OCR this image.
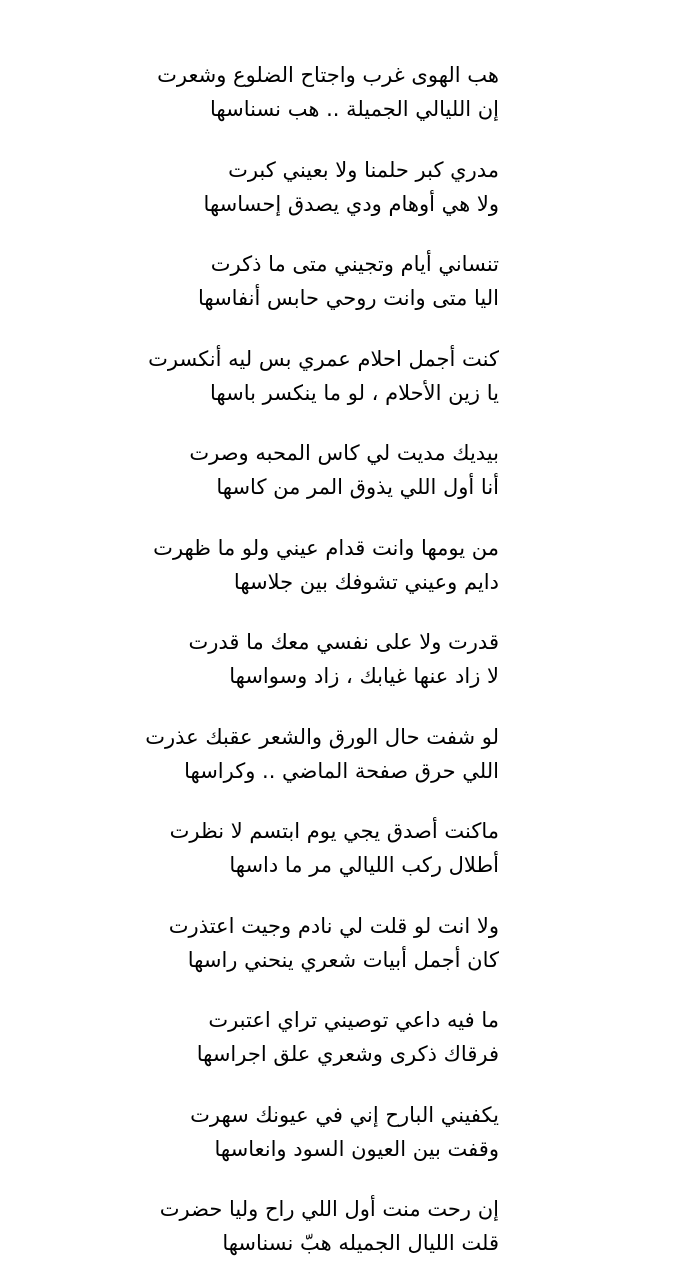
هب الهوى غرب واجتاح الضلوع وشعرت
إن الليالي الجميلة .. هب نسناسها
مدري كبر حلمنا ولا بعيني كبرت
ولا هي أوهام ودي يصدق إحساسها
تنساني أيام وتجيني متى ما ذكرت
اليا متى وانت روحي حابس أنفاسها
كنت أجمل احلام عمري بس ليه أنكسرت
يا زين الأحلام ، لو ما ينكسر باسها
بيديك مديت لي كاس المحبه وصرت
أنا أول اللي يذوق المر من كاسها
من يومها وانت قدام عيني ولو ما ظهرت
دايم وعيني تشوفك بين جلاسها
قدرت ولا على نفسي معك ما قدرت
لا زاد عنها غيابك ، زاد وسواسها
لو شفت حال الورق والشعر عقبك عذرت
اللي حرق صفحة الماضي .. وكراسها
ماكنت أصدق يجي يوم ابتسم لا نظرت
أطلال ركب الليالي مر ما داسها
ولا انت لو قلت لي نادم وجيت اعتذرت
كان أجمل أبيات شعري ينحني راسها
ما فيه داعي توصيني تراي اعتبرت
فرقاك ذكرى وشعري علق اجراسها
يكفيني البارح إني في عيونك سهرت
وقفت بين العيون السود وانعاسها
إن رحت منت أول اللي راح وليا حضرت
قلت الليال الجميله هبّ نسناسها
